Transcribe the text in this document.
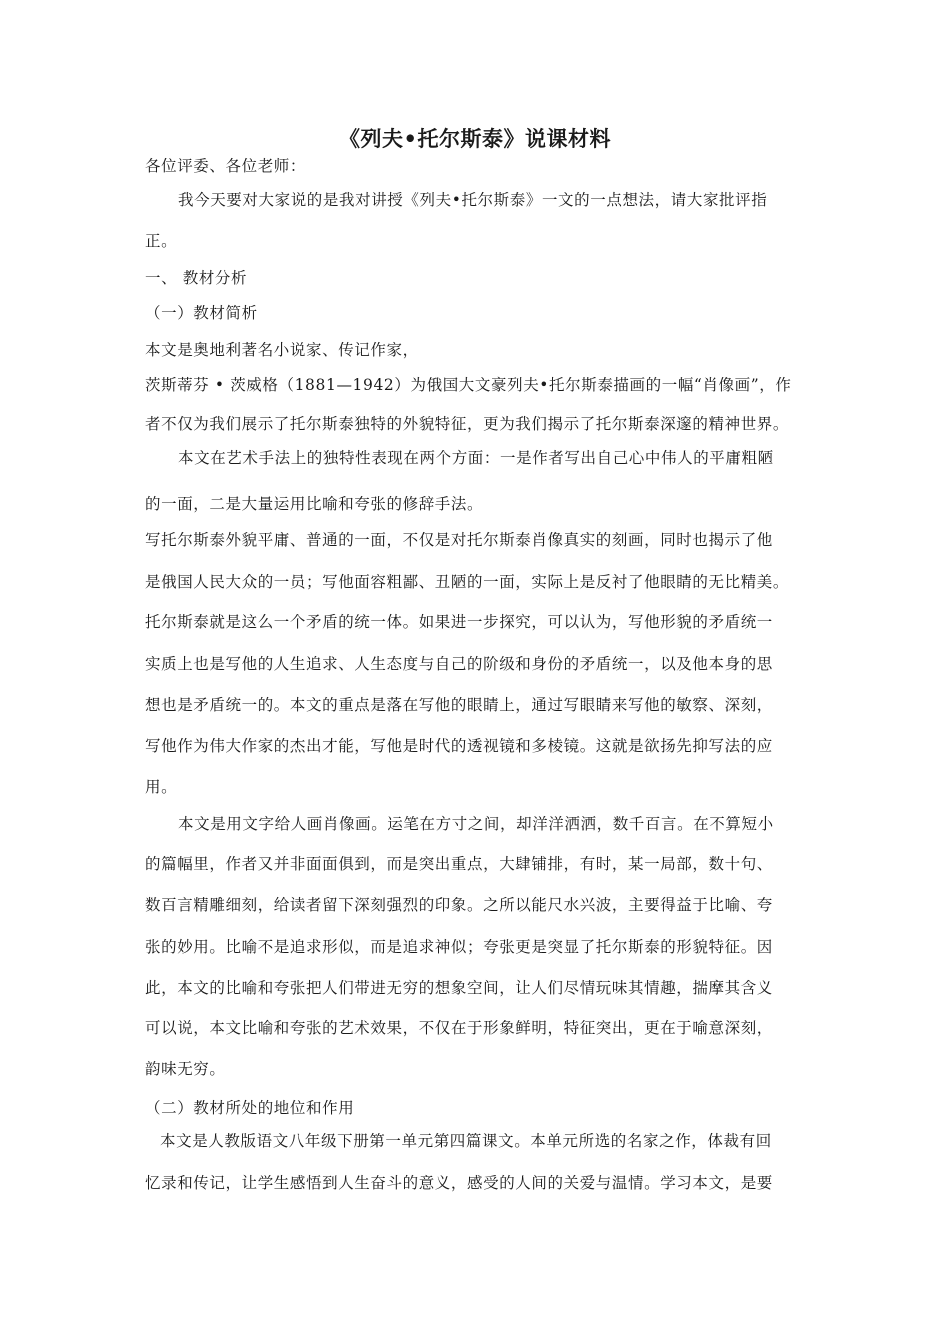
《列夫•托尔斯泰》说课材料
各位评委、各位老师：
我今天要对大家说的是我对讲授《列夫•托尔斯泰》一文的一点想法，请大家批评指
正。
一、 教材分析
（一）教材简析
本文是奥地利著名小说家、传记作家，
茨斯蒂芬 • 茨威格（1881—1942）为俄国大文豪列夫•托尔斯泰描画的一幅“肖像画”，作
者不仅为我们展示了托尔斯泰独特的外貌特征，更为我们揭示了托尔斯泰深邃的精神世界。
本文在艺术手法上的独特性表现在两个方面：一是作者写出自己心中伟人的平庸粗陋
的一面，二是大量运用比喻和夸张的修辞手法。
写托尔斯泰外貌平庸、普通的一面，不仅是对托尔斯泰肖像真实的刻画，同时也揭示了他
是俄国人民大众的一员；写他面容粗鄙、丑陋的一面，实际上是反衬了他眼睛的无比精美。
托尔斯泰就是这么一个矛盾的统一体。如果进一步探究，可以认为，写他形貌的矛盾统一
实质上也是写他的人生追求、人生态度与自己的阶级和身份的矛盾统一，以及他本身的思
想也是矛盾统一的。本文的重点是落在写他的眼睛上，通过写眼睛来写他的敏察、深刻，
写他作为伟大作家的杰出才能，写他是时代的透视镜和多棱镜。这就是欲扬先抑写法的应
用。
本文是用文字给人画肖像画。运笔在方寸之间，却洋洋洒洒，数千百言。在不算短小
的篇幅里，作者又并非面面俱到，而是突出重点，大肆铺排，有时，某一局部，数十句、
数百言精雕细刻，给读者留下深刻强烈的印象。之所以能尺水兴波，主要得益于比喻、夸
张的妙用。比喻不是追求形似，而是追求神似；夸张更是突显了托尔斯泰的形貌特征。因
此，本文的比喻和夸张把人们带进无穷的想象空间，让人们尽情玩味其情趣，揣摩其含义
可以说，本文比喻和夸张的艺术效果，不仅在于形象鲜明，特征突出，更在于喻意深刻，
韵味无穷。
（二）教材所处的地位和作用
本文是人教版语文八年级下册第一单元第四篇课文。本单元所选的名家之作，体裁有回
忆录和传记，让学生感悟到人生奋斗的意义，感受的人间的关爱与温情。学习本文，是要
